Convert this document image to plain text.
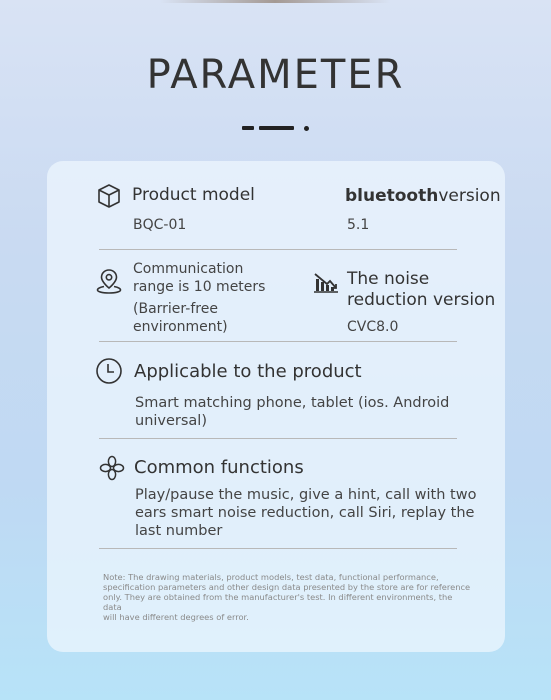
PARAMETER
Product model
BQC-01
bluetoothversion
5.1
Communication
range is 10 meters
(Barrier-free
environment)
The noise
reduction version
CVC8.0
Applicable to the product
Smart matching phone, tablet (ios. Android
universal)
Common functions
Play/pause the music, give a hint, call with two
ears smart noise reduction, call Siri, replay the
last number
Note: The drawing materials, product models, test data, functional performance,
specification parameters and other design data presented by the store are for reference
only. They are obtained from the manufacturer's test. In different environments, the data
will have different degrees of error.
